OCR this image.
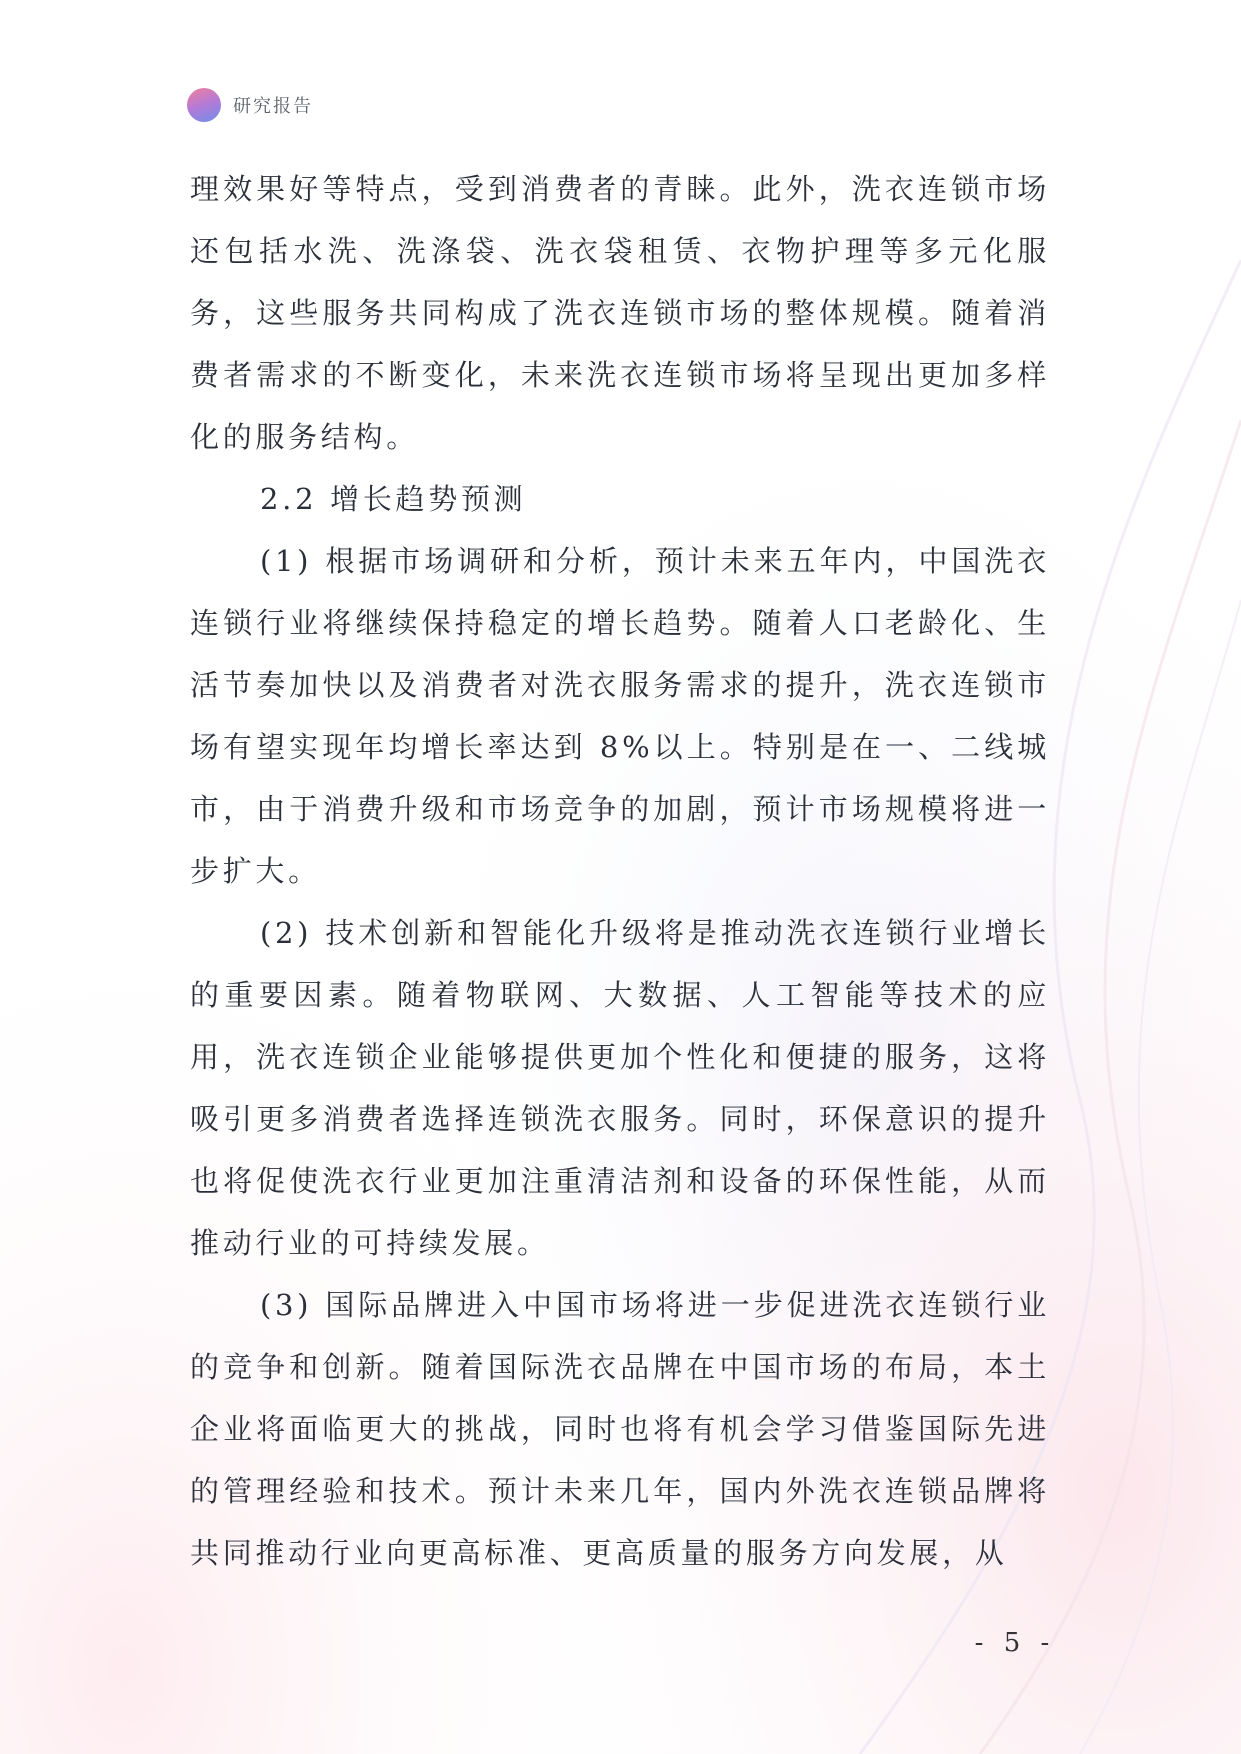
研究报告

理效果好等特点，受到消费者的青睐。此外，洗衣连锁市场还包括水洗、洗涤袋、洗衣袋租赁、衣物护理等多元化服务，这些服务共同构成了洗衣连锁市场的整体规模。随着消费者需求的不断变化，未来洗衣连锁市场将呈现出更加多样化的服务结构。

2.2 增长趋势预测

(1) 根据市场调研和分析，预计未来五年内，中国洗衣连锁行业将继续保持稳定的增长趋势。随着人口老龄化、生活节奏加快以及消费者对洗衣服务需求的提升，洗衣连锁市场有望实现年均增长率达到 8%以上。特别是在一、二线城市，由于消费升级和市场竞争的加剧，预计市场规模将进一步扩大。

(2) 技术创新和智能化升级将是推动洗衣连锁行业增长的重要因素。随着物联网、大数据、人工智能等技术的应用，洗衣连锁企业能够提供更加个性化和便捷的服务，这将吸引更多消费者选择连锁洗衣服务。同时，环保意识的提升也将促使洗衣行业更加注重清洁剂和设备的环保性能，从而推动行业的可持续发展。

(3) 国际品牌进入中国市场将进一步促进洗衣连锁行业的竞争和创新。随着国际洗衣品牌在中国市场的布局，本土企业将面临更大的挑战，同时也将有机会学习借鉴国际先进的管理经验和技术。预计未来几年，国内外洗衣连锁品牌将共同推动行业向更高标准、更高质量的服务方向发展，从

- 5 -
